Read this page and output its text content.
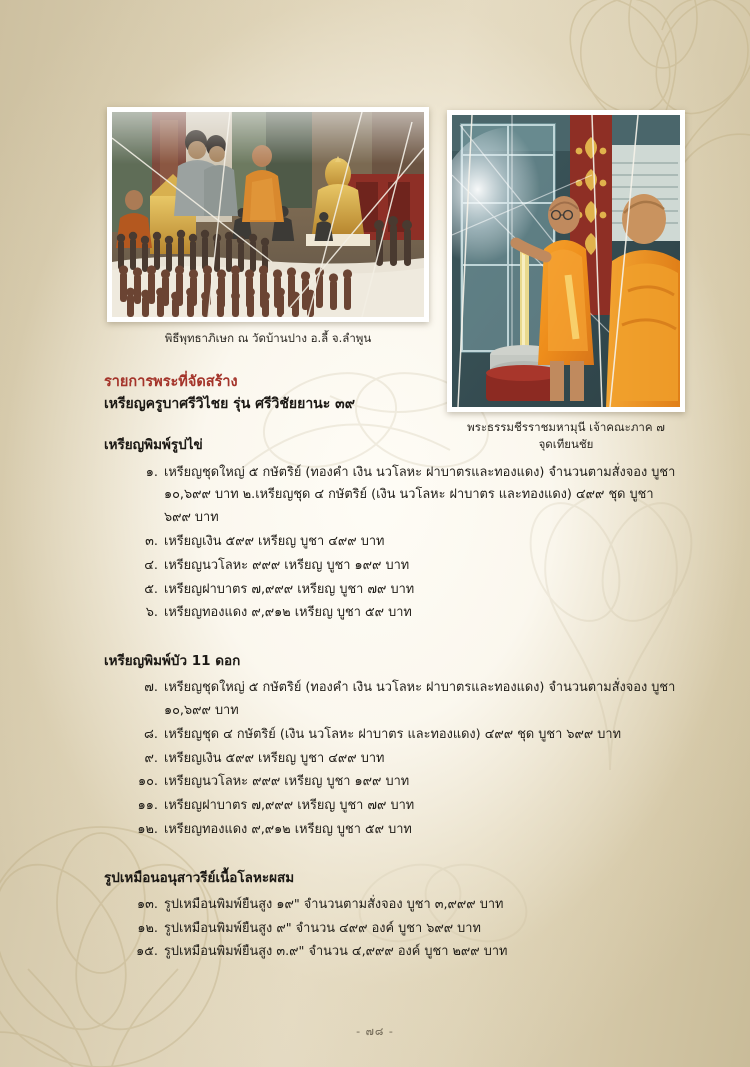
พิธีพุทธาภิเษก ณ วัดบ้านปาง อ.ลี้ จ.ลำพูน
พระธรรมชีรราชมหามุนี เจ้าคณะภาค ๗
จุดเทียนชัย
รายการพระที่จัดสร้าง
เหรียญครูบาศรีวิไชย รุ่น ศรีวิชัยยานะ ๓๙
เหรียญพิมพ์รูปไข่
๑. เหรียญชุดใหญ่ ๕ กษัตริย์ (ทองคำ เงิน นวโลหะ ฝาบาตรและทองแดง) จำนวนตามสั่งจอง บูชา ๑๐,๖๙๙ บาท ๒.เหรียญชุด ๔ กษัตริย์ (เงิน นวโลหะ ฝาบาตร และทองแดง) ๔๙๙ ชุด บูชา ๖๙๙ บาท
๓. เหรียญเงิน ๕๙๙ เหรียญ บูชา ๔๙๙ บาท
๔. เหรียญนวโลหะ ๙๙๙ เหรียญ บูชา ๑๙๙ บาท
๕. เหรียญฝาบาตร ๗,๙๙๙ เหรียญ บูชา ๗๙ บาท
๖. เหรียญทองแดง ๙,๙๑๒ เหรียญ บูชา ๕๙ บาท
เหรียญพิมพ์บัว 11 ดอก
๗. เหรียญชุดใหญ่ ๕ กษัตริย์ (ทองคำ เงิน นวโลหะ ฝาบาตรและทองแดง) จำนวนตามสั่งจอง บูชา ๑๐,๖๙๙ บาท
๘. เหรียญชุด ๔ กษัตริย์ (เงิน นวโลหะ ฝาบาตร และทองแดง) ๔๙๙ ชุด บูชา ๖๙๙ บาท
๙. เหรียญเงิน ๕๙๙ เหรียญ บูชา ๔๙๙ บาท
๑๐. เหรียญนวโลหะ ๙๙๙ เหรียญ บูชา ๑๙๙ บาท
๑๑. เหรียญฝาบาตร ๗,๙๙๙ เหรียญ บูชา ๗๙ บาท
๑๒. เหรียญทองแดง ๙,๙๑๒ เหรียญ บูชา ๕๙ บาท
รูปเหมือนอนุสาวรีย์เนื้อโลหะผสม
๑๓. รูปเหมือนพิมพ์ยืนสูง ๑๙" จำนวนตามสั่งจอง บูชา ๓,๙๙๙ บาท
๑๒. รูปเหมือนพิมพ์ยืนสูง ๙" จำนวน ๔๙๙ องค์ บูชา ๖๙๙ บาท
๑๕. รูปเหมือนพิมพ์ยืนสูง ๓.๙" จำนวน ๔,๙๙๙ องค์ บูชา ๒๙๙ บาท
- ๗๘ -
